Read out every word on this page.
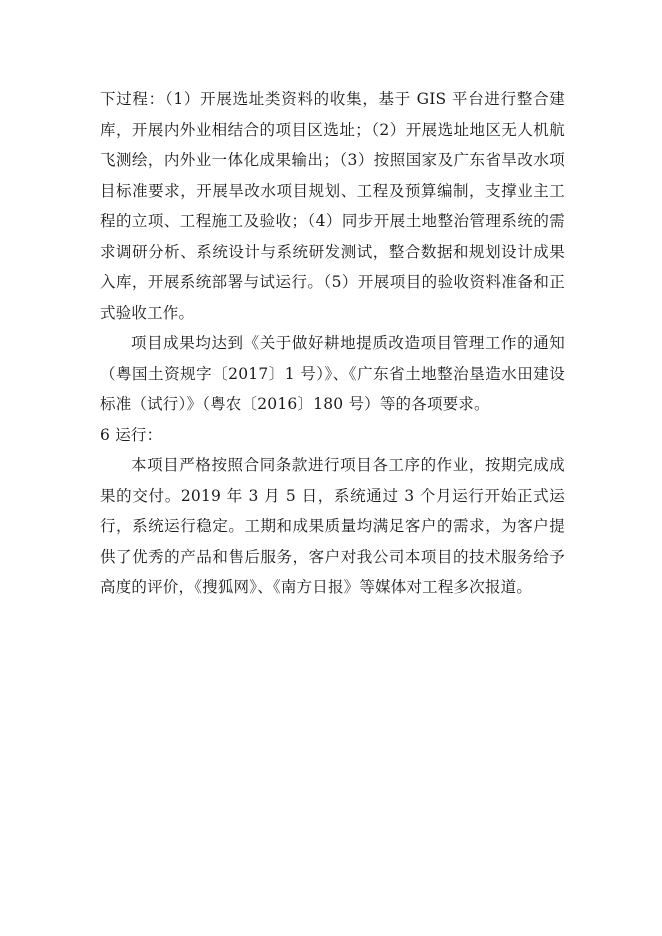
下过程：（1）开展选址类资料的收集，基于 GIS 平台进行整合建库，开展内外业相结合的项目区选址；（2）开展选址地区无人机航飞测绘，内外业一体化成果输出；（3）按照国家及广东省旱改水项目标准要求，开展旱改水项目规划、工程及预算编制，支撑业主工程的立项、工程施工及验收；（4）同步开展土地整治管理系统的需求调研分析、系统设计与系统研发测试，整合数据和规划设计成果入库，开展系统部署与试运行。（5）开展项目的验收资料准备和正式验收工作。

项目成果均达到《关于做好耕地提质改造项目管理工作的通知（粤国土资规字〔2017〕1 号）》、《广东省土地整治垦造水田建设标准（试行）》（粤农〔2016〕180 号）等的各项要求。

6 运行：

本项目严格按照合同条款进行项目各工序的作业，按期完成成果的交付。2019 年 3 月 5 日，系统通过 3 个月运行开始正式运行，系统运行稳定。工期和成果质量均满足客户的需求，为客户提供了优秀的产品和售后服务，客户对我公司本项目的技术服务给予高度的评价，《搜狐网》、《南方日报》等媒体对工程多次报道。
